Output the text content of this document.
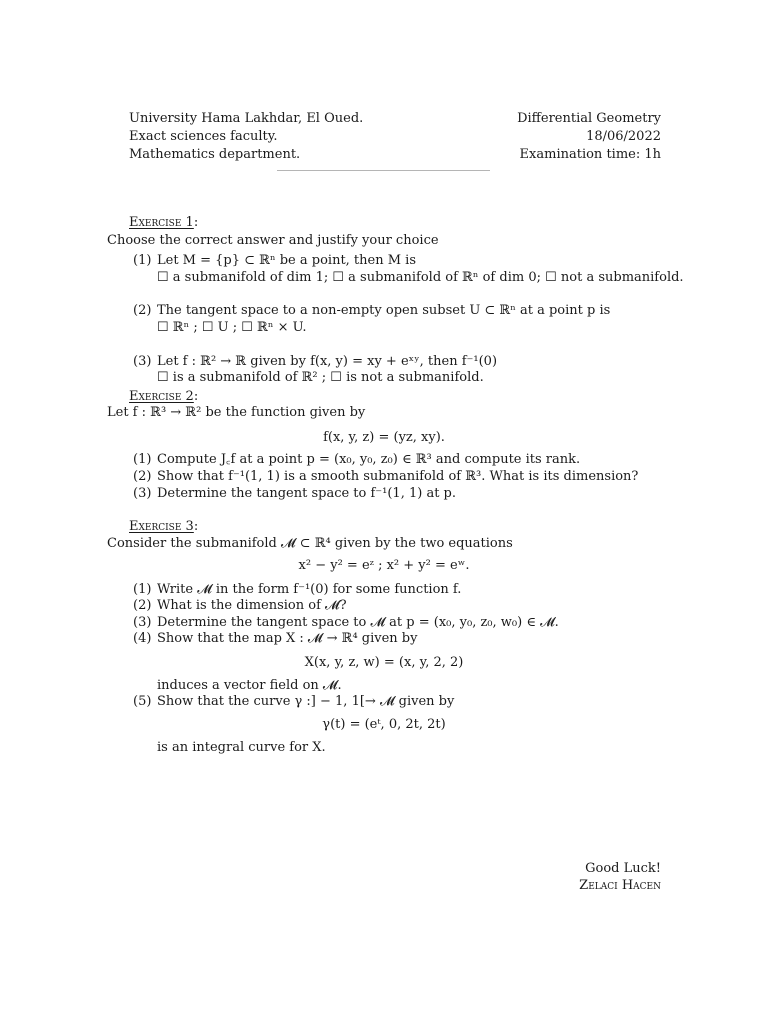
University Hama Lakhdar, El Oued.
Exact sciences faculty.
Mathematics department.
Differential Geometry
18/06/2022
Examination time: 1h
Exercise 1:
Choose the correct answer and justify your choice
(1) Let M = {p} ⊂ ℝⁿ be a point, then M is
☐ a submanifold of dim 1; ☐ a submanifold of ℝⁿ of dim 0; ☐ not a submanifold.
(2) The tangent space to a non-empty open subset U ⊂ ℝⁿ at a point p is
☐ ℝⁿ ; ☐ U ; ☐ ℝⁿ × U.
(3) Let f : ℝ² → ℝ given by f(x, y) = xy + eˣʸ, then f⁻¹(0)
☐ is a submanifold of ℝ² ; ☐ is not a submanifold.
Exercise 2:
Let f : ℝ³ → ℝ² be the function given by
f(x, y, z) = (yz, xy).
(1) Compute J꜀f at a point p = (x₀, y₀, z₀) ∈ ℝ³ and compute its rank.
(2) Show that f⁻¹(1, 1) is a smooth submanifold of ℝ³. What is its dimension?
(3) Determine the tangent space to f⁻¹(1, 1) at p.
Exercise 3:
Consider the submanifold 𝓜 ⊂ ℝ⁴ given by the two equations
x² − y² = eᶻ ; x² + y² = eʷ.
(1) Write 𝓜 in the form f⁻¹(0) for some function f.
(2) What is the dimension of 𝓜?
(3) Determine the tangent space to 𝓜 at p = (x₀, y₀, z₀, w₀) ∈ 𝓜.
(4) Show that the map X : 𝓜 → ℝ⁴ given by
X(x, y, z, w) = (x, y, 2, 2)
induces a vector field on 𝓜.
(5) Show that the curve γ :] − 1, 1[→ 𝓜 given by
γ(t) = (eᵗ, 0, 2t, 2t)
is an integral curve for X.
Good Luck!
Zelaci Hacen
